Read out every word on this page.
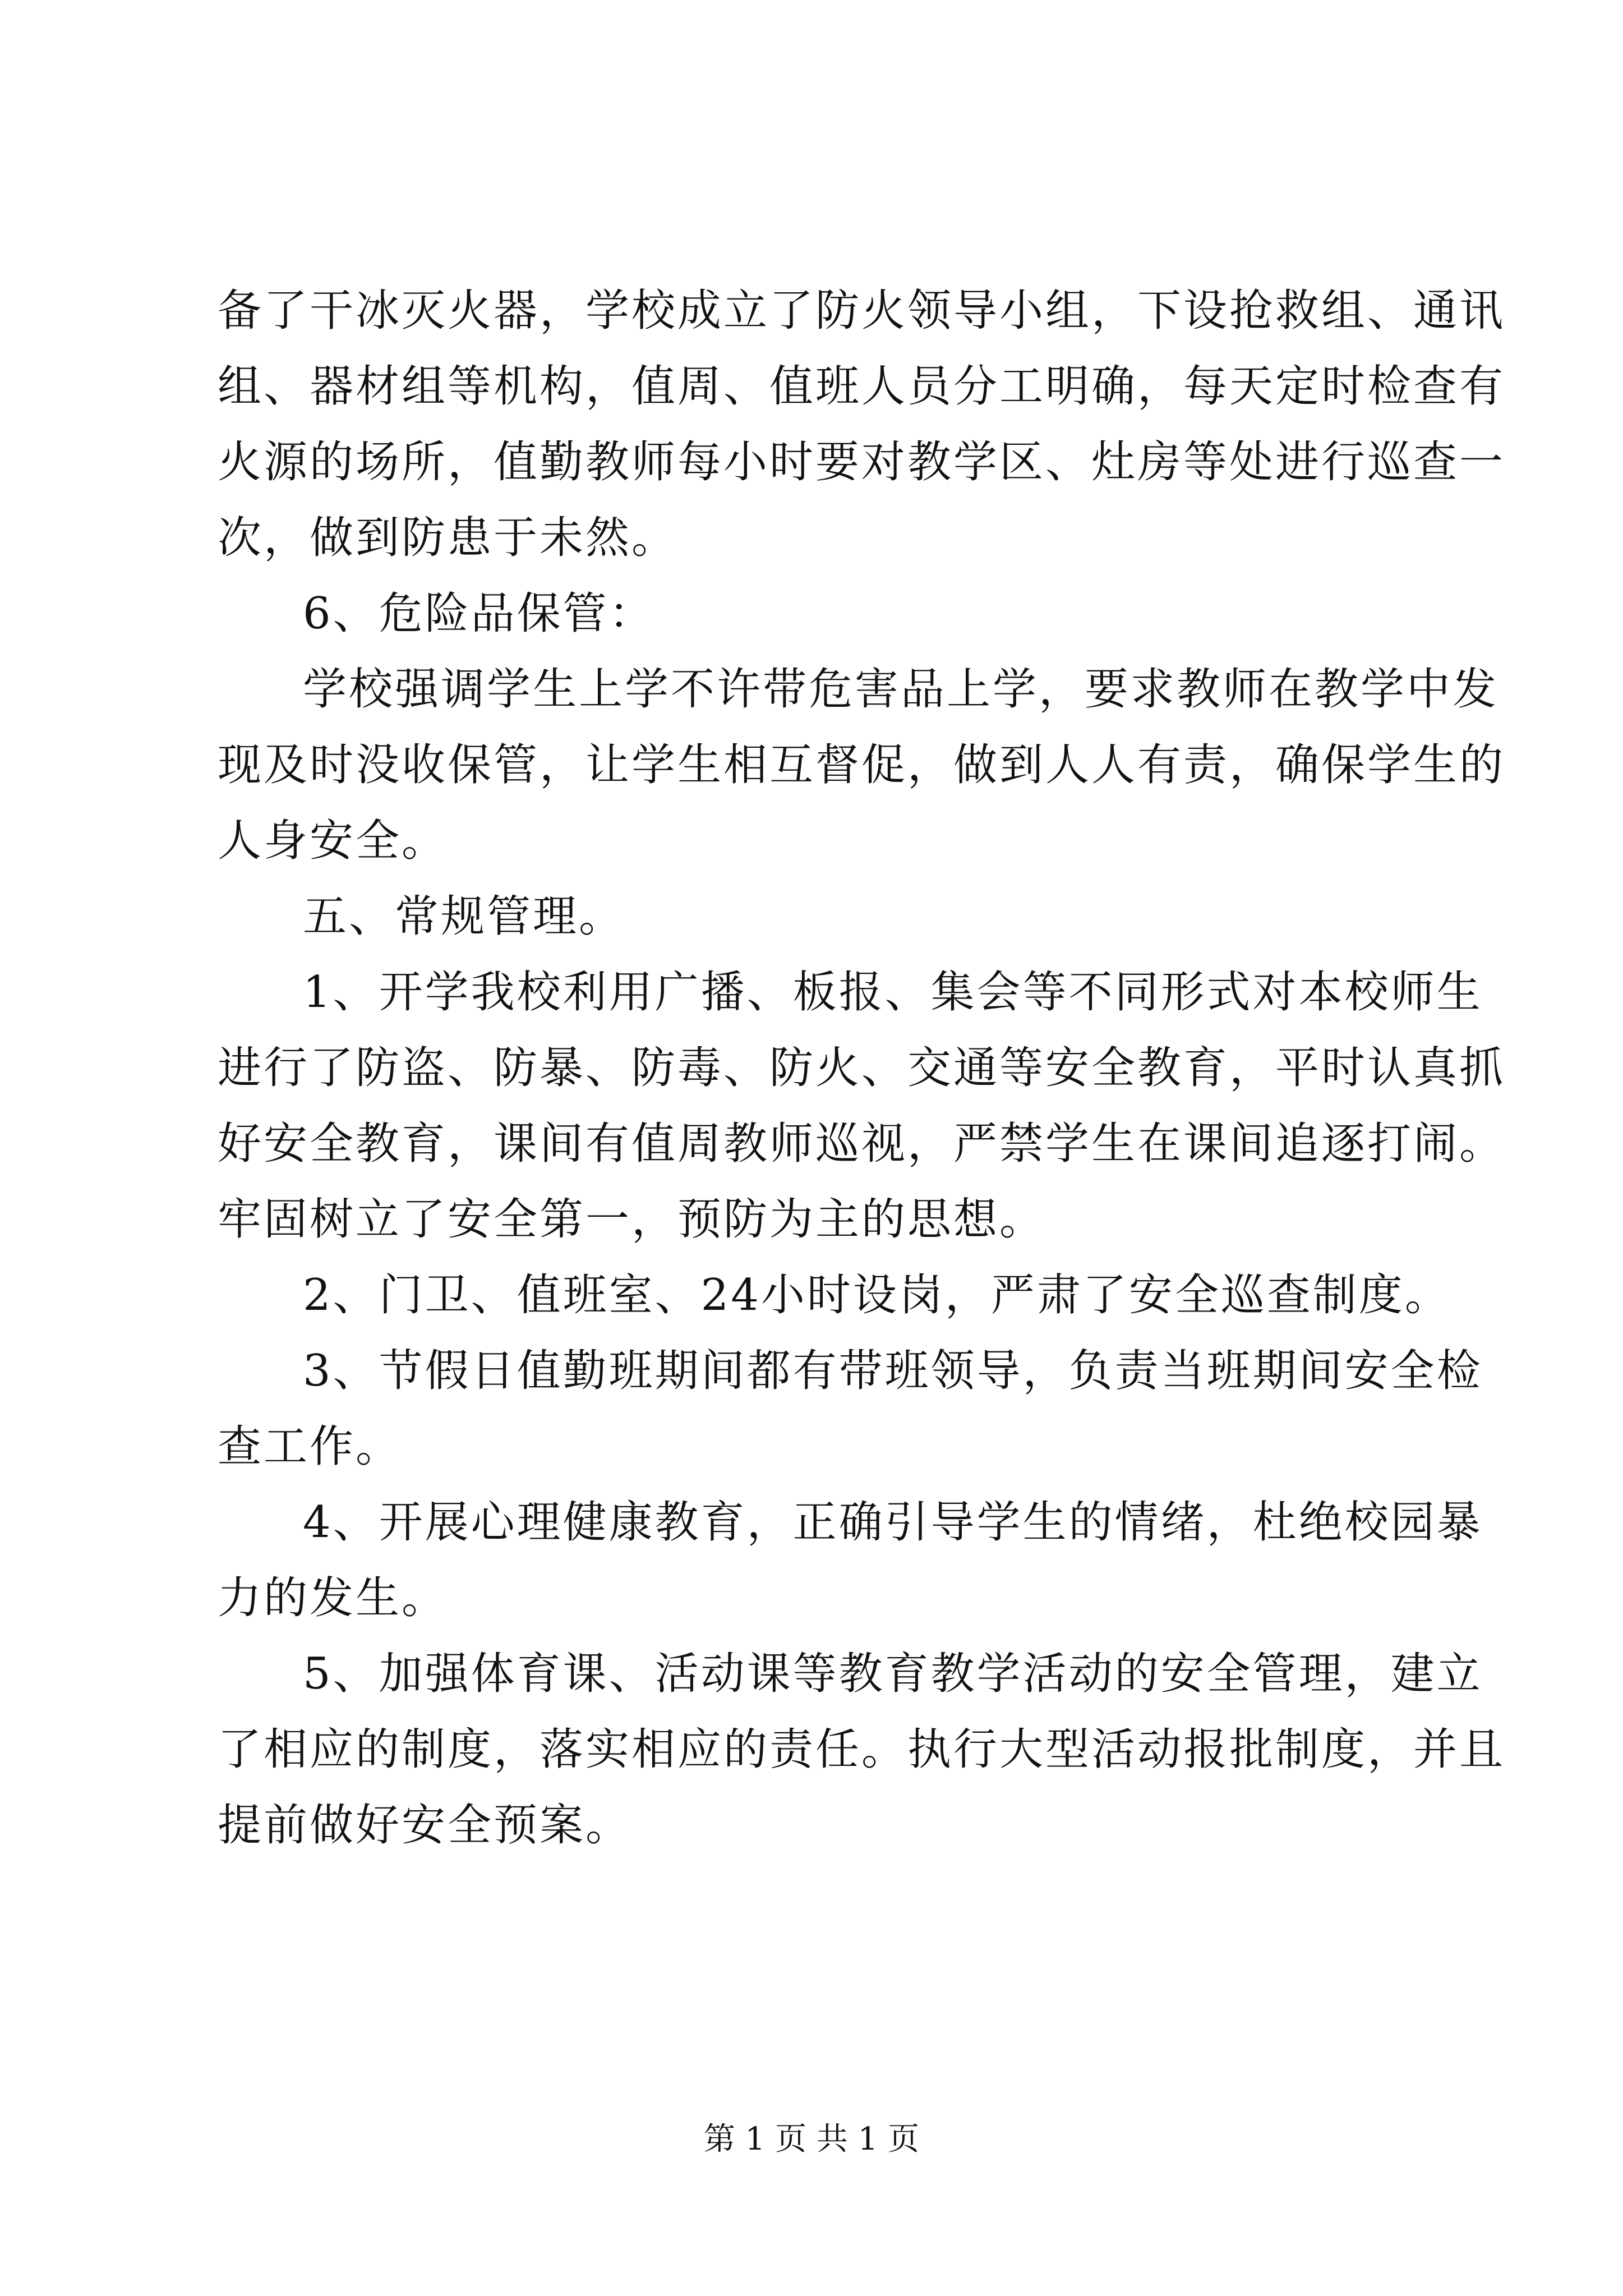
备了干冰灭火器，学校成立了防火领导小组，下设抢救组、通讯
组、器材组等机构，值周、值班人员分工明确，每天定时检查有
火源的场所，值勤教师每小时要对教学区、灶房等处进行巡查一
次，做到防患于未然。
6、危险品保管：
学校强调学生上学不许带危害品上学，要求教师在教学中发
现及时没收保管，让学生相互督促，做到人人有责，确保学生的
人身安全。
五、常规管理。
1、开学我校利用广播、板报、集会等不同形式对本校师生
进行了防盗、防暴、防毒、防火、交通等安全教育，平时认真抓
好安全教育，课间有值周教师巡视，严禁学生在课间追逐打闹。
牢固树立了安全第一，预防为主的思想。
2、门卫、值班室、24小时设岗，严肃了安全巡查制度。
3、节假日值勤班期间都有带班领导，负责当班期间安全检
查工作。
4、开展心理健康教育，正确引导学生的情绪，杜绝校园暴
力的发生。
5、加强体育课、活动课等教育教学活动的安全管理，建立
了相应的制度，落实相应的责任。执行大型活动报批制度，并且
提前做好安全预案。
第 1 页 共 1 页
